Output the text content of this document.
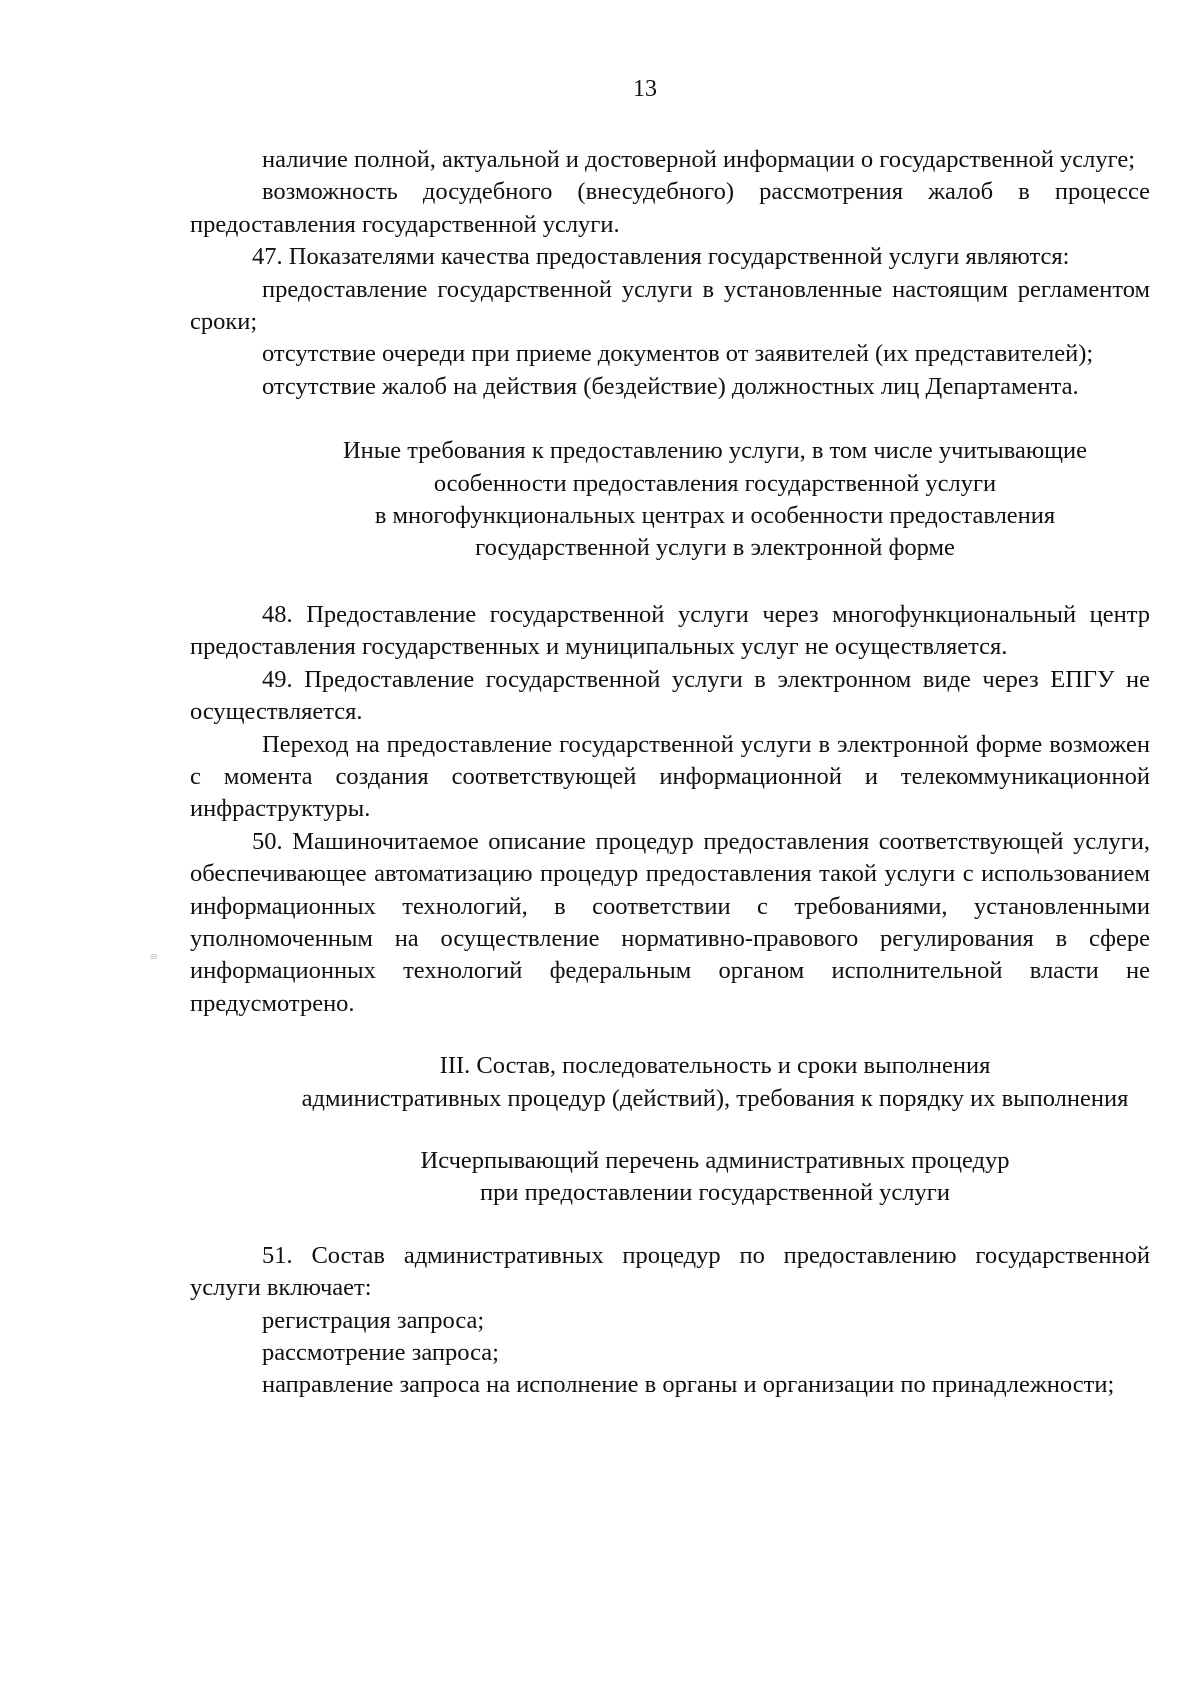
13
≡

наличие полной, актуальной и достоверной информации о государственной услуге;

возможность досудебного (внесудебного) рассмотрения жалоб в процессе предоставления государственной услуги.

47. Показателями качества предоставления государственной услуги являются:

предоставление государственной услуги в установленные настоящим регламентом сроки;

отсутствие очереди при приеме документов от заявителей (их представителей);

отсутствие жалоб на действия (бездействие) должностных лиц Департамента.

Иные требования к предоставлению услуги, в том числе учитывающие
особенности предоставления государственной услуги
в многофункциональных центрах и особенности предоставления
государственной услуги в электронной форме

48. Предоставление государственной услуги через многофункциональный центр предоставления государственных и муниципальных услуг не осуществляется.

49. Предоставление государственной услуги в электронном виде через ЕПГУ не осуществляется.

Переход на предоставление государственной услуги в электронной форме возможен с момента создания соответствующей информационной и телекоммуникационной инфраструктуры.

50. Машиночитаемое описание процедур предоставления соответствующей услуги, обеспечивающее автоматизацию процедур предоставления такой услуги с использованием информационных технологий, в соответствии с требованиями, установленными уполномоченным на осуществление нормативно-правового регулирования в сфере информационных технологий федеральным органом исполнительной власти не предусмотрено.

III. Состав, последовательность и сроки выполнения
административных процедур (действий), требования к порядку их выполнения
Исчерпывающий перечень административных процедур
при предоставлении государственной услуги

51. Состав административных процедур по предоставлению государственной услуги включает:

регистрация запроса;

рассмотрение запроса;

направление запроса на исполнение в органы и организации по принадлежности;
